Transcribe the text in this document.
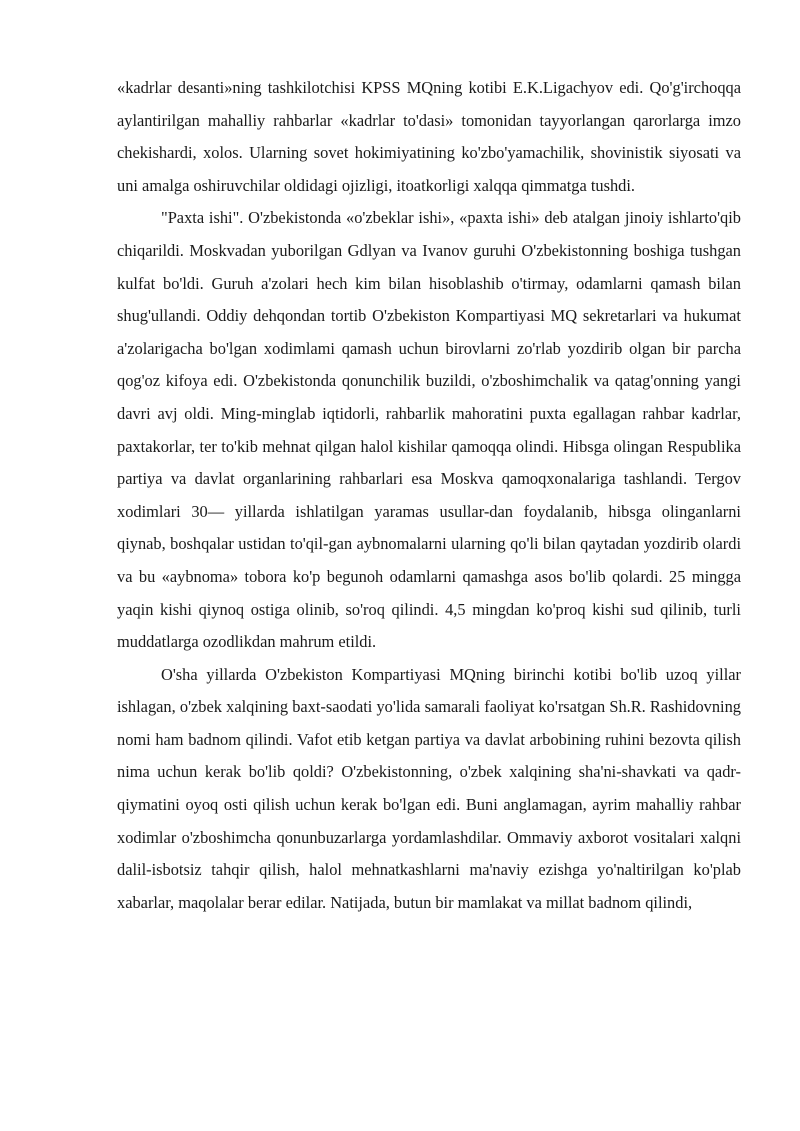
«kadrlar desanti»ning tashkilotchisi KPSS MQning kotibi E.K.Ligachyov edi. Qo'g'irchoqqa aylantirilgan mahalliy rahbarlar «kadrlar to'dasi» tomonidan tayyorlangan qarorlarga imzo chekishardi, xolos. Ularning sovet hokimiyatining ko'zbo'yamachilik, shovinistik siyosati va uni amalga oshiruvchilar oldidagi ojizligi, itoatkorligi xalqqa qimmatga tushdi.

"Paxta ishi". O'zbekistonda «o'zbeklar ishi», «paxta ishi» deb atalgan jinoiy ishlarto'qib chiqarildi. Moskvadan yuborilgan Gdlyan va Ivanov guruhi O'zbekistonning boshiga tushgan kulfat bo'ldi. Guruh a'zolari hech kim bilan hisoblashib o'tirmay, odamlarni qamash bilan shug'ullandi. Oddiy dehqondan tortib O'zbekiston Kompartiyasi MQ sekretarlari va hukumat a'zolarigacha bo'lgan xodimlami qamash uchun birovlarni zo'rlab yozdirib olgan bir parcha qog'oz kifoya edi. O'zbekistonda qonunchilik buzildi, o'zboshimchalik va qatag'onning yangi davri avj oldi. Ming-minglab iqtidorli, rahbarlik mahoratini puxta egallagan rahbar kadrlar, paxtakorlar, ter to'kib mehnat qilgan halol kishilar qamoqqa olindi. Hibsga olingan Respublika partiya va davlat organlarining rahbarlari esa Moskva qamoqxonalariga tashlandi. Tergov xodimlari 30— yillarda ishlatilgan yaramas usullar-dan foydalanib, hibsga olinganlarni qiynab, boshqalar ustidan to'qil-gan aybnomalarni ularning qo'li bilan qaytadan yozdirib olardi va bu «aybnoma» tobora ko'p begunoh odamlarni qamashga asos bo'lib qolardi. 25 mingga yaqin kishi qiynoq ostiga olinib, so'roq qilindi. 4,5 mingdan ko'proq kishi sud qilinib, turli muddatlarga ozodlikdan mahrum etildi.

O'sha yillarda O'zbekiston Kompartiyasi MQning birinchi kotibi bo'lib uzoq yillar ishlagan, o'zbek xalqining baxt-saodati yo'lida samarali faoliyat ko'rsatgan Sh.R. Rashidovning nomi ham badnom qilindi. Vafot etib ketgan partiya va davlat arbobining ruhini bezovta qilish nima uchun kerak bo'lib qoldi? O'zbekistonning, o'zbek xalqining sha'ni-shavkati va qadr-qiymatini oyoq osti qilish uchun kerak bo'lgan edi. Buni anglamagan, ayrim mahalliy rahbar xodimlar o'zboshimcha qonunbuzarlarga yordamlashdilar. Ommaviy axborot vositalari xalqni dalil-isbotsiz tahqir qilish, halol mehnatkashlarni ma'naviy ezishga yo'naltirilgan ko'plab xabarlar, maqolalar berar edilar. Natijada, butun bir mamlakat va millat badnom qilindi,
